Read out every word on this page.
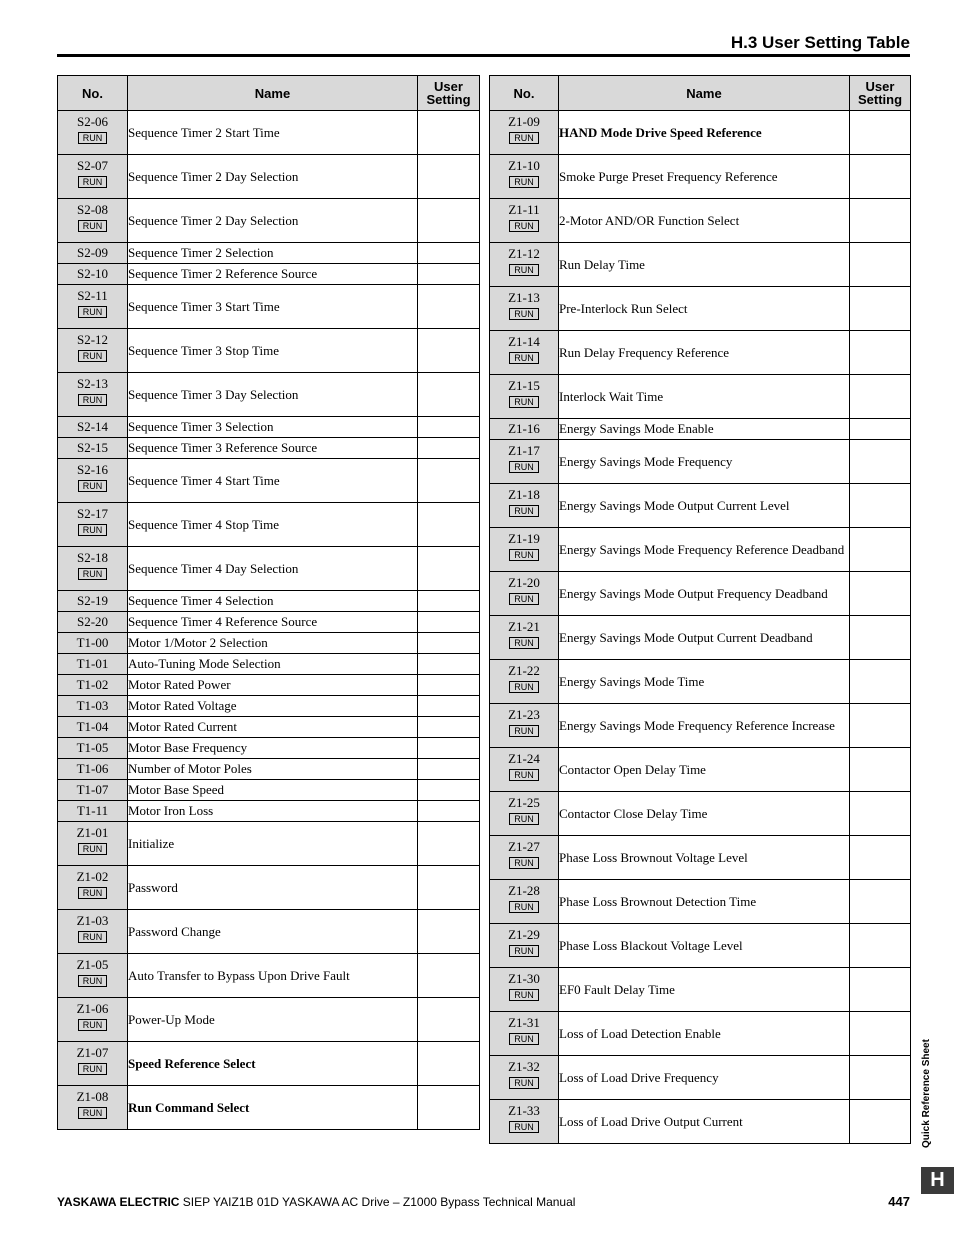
H.3 User Setting Table
No.	Name	User
Setting

S2-06
RUN	Sequence Timer 2 Start Time	

S2-07
RUN	Sequence Timer 2 Day Selection	

S2-08
RUN	Sequence Timer 2 Day Selection	

S2-09	Sequence Timer 2 Selection	

S2-10	Sequence Timer 2 Reference Source	

S2-11
RUN	Sequence Timer 3 Start Time	

S2-12
RUN	Sequence Timer 3 Stop Time	

S2-13
RUN	Sequence Timer 3 Day Selection	

S2-14	Sequence Timer 3 Selection	

S2-15	Sequence Timer 3 Reference Source	

S2-16
RUN	Sequence Timer 4 Start Time	

S2-17
RUN	Sequence Timer 4 Stop Time	

S2-18
RUN	Sequence Timer 4 Day Selection	

S2-19	Sequence Timer 4 Selection	

S2-20	Sequence Timer 4 Reference Source	

T1-00	Motor 1/Motor 2 Selection	

T1-01	Auto-Tuning Mode Selection	

T1-02	Motor Rated Power	

T1-03	Motor Rated Voltage	

T1-04	Motor Rated Current	

T1-05	Motor Base Frequency	

T1-06	Number of Motor Poles	

T1-07	Motor Base Speed	

T1-11	Motor Iron Loss	

Z1-01
RUN	Initialize	

Z1-02
RUN	Password	

Z1-03
RUN	Password Change	

Z1-05
RUN	Auto Transfer to Bypass Upon Drive Fault	

Z1-06
RUN	Power-Up Mode	

Z1-07
RUN	Speed Reference Select	

Z1-08
RUN	Run Command Select	
No.	Name	User
Setting

Z1-09
RUN	HAND Mode Drive Speed Reference	

Z1-10
RUN	Smoke Purge Preset Frequency Reference	

Z1-11
RUN	2-Motor AND/OR Function Select	

Z1-12
RUN	Run Delay Time	

Z1-13
RUN	Pre-Interlock Run Select	

Z1-14
RUN	Run Delay Frequency Reference	

Z1-15
RUN	Interlock Wait Time	

Z1-16	Energy Savings Mode Enable	

Z1-17
RUN	Energy Savings Mode Frequency	

Z1-18
RUN	Energy Savings Mode Output Current Level	

Z1-19
RUN	Energy Savings Mode Frequency Reference Deadband	

Z1-20
RUN	Energy Savings Mode Output Frequency Deadband	

Z1-21
RUN	Energy Savings Mode Output Current Deadband	

Z1-22
RUN	Energy Savings Mode Time	

Z1-23
RUN	Energy Savings Mode Frequency Reference Increase	

Z1-24
RUN	Contactor Open Delay Time	

Z1-25
RUN	Contactor Close Delay Time	

Z1-27
RUN	Phase Loss Brownout Voltage Level	

Z1-28
RUN	Phase Loss Brownout Detection Time	

Z1-29
RUN	Phase Loss Blackout Voltage Level	

Z1-30
RUN	EF0 Fault Delay Time	

Z1-31
RUN	Loss of Load Detection Enable	

Z1-32
RUN	Loss of Load Drive Frequency	

Z1-33
RUN	Loss of Load Drive Output Current	
YASKAWA ELECTRIC SIEP YAIZ1B 01D YASKAWA AC Drive – Z1000 Bypass Technical Manual	447
Quick Reference Sheet
H
